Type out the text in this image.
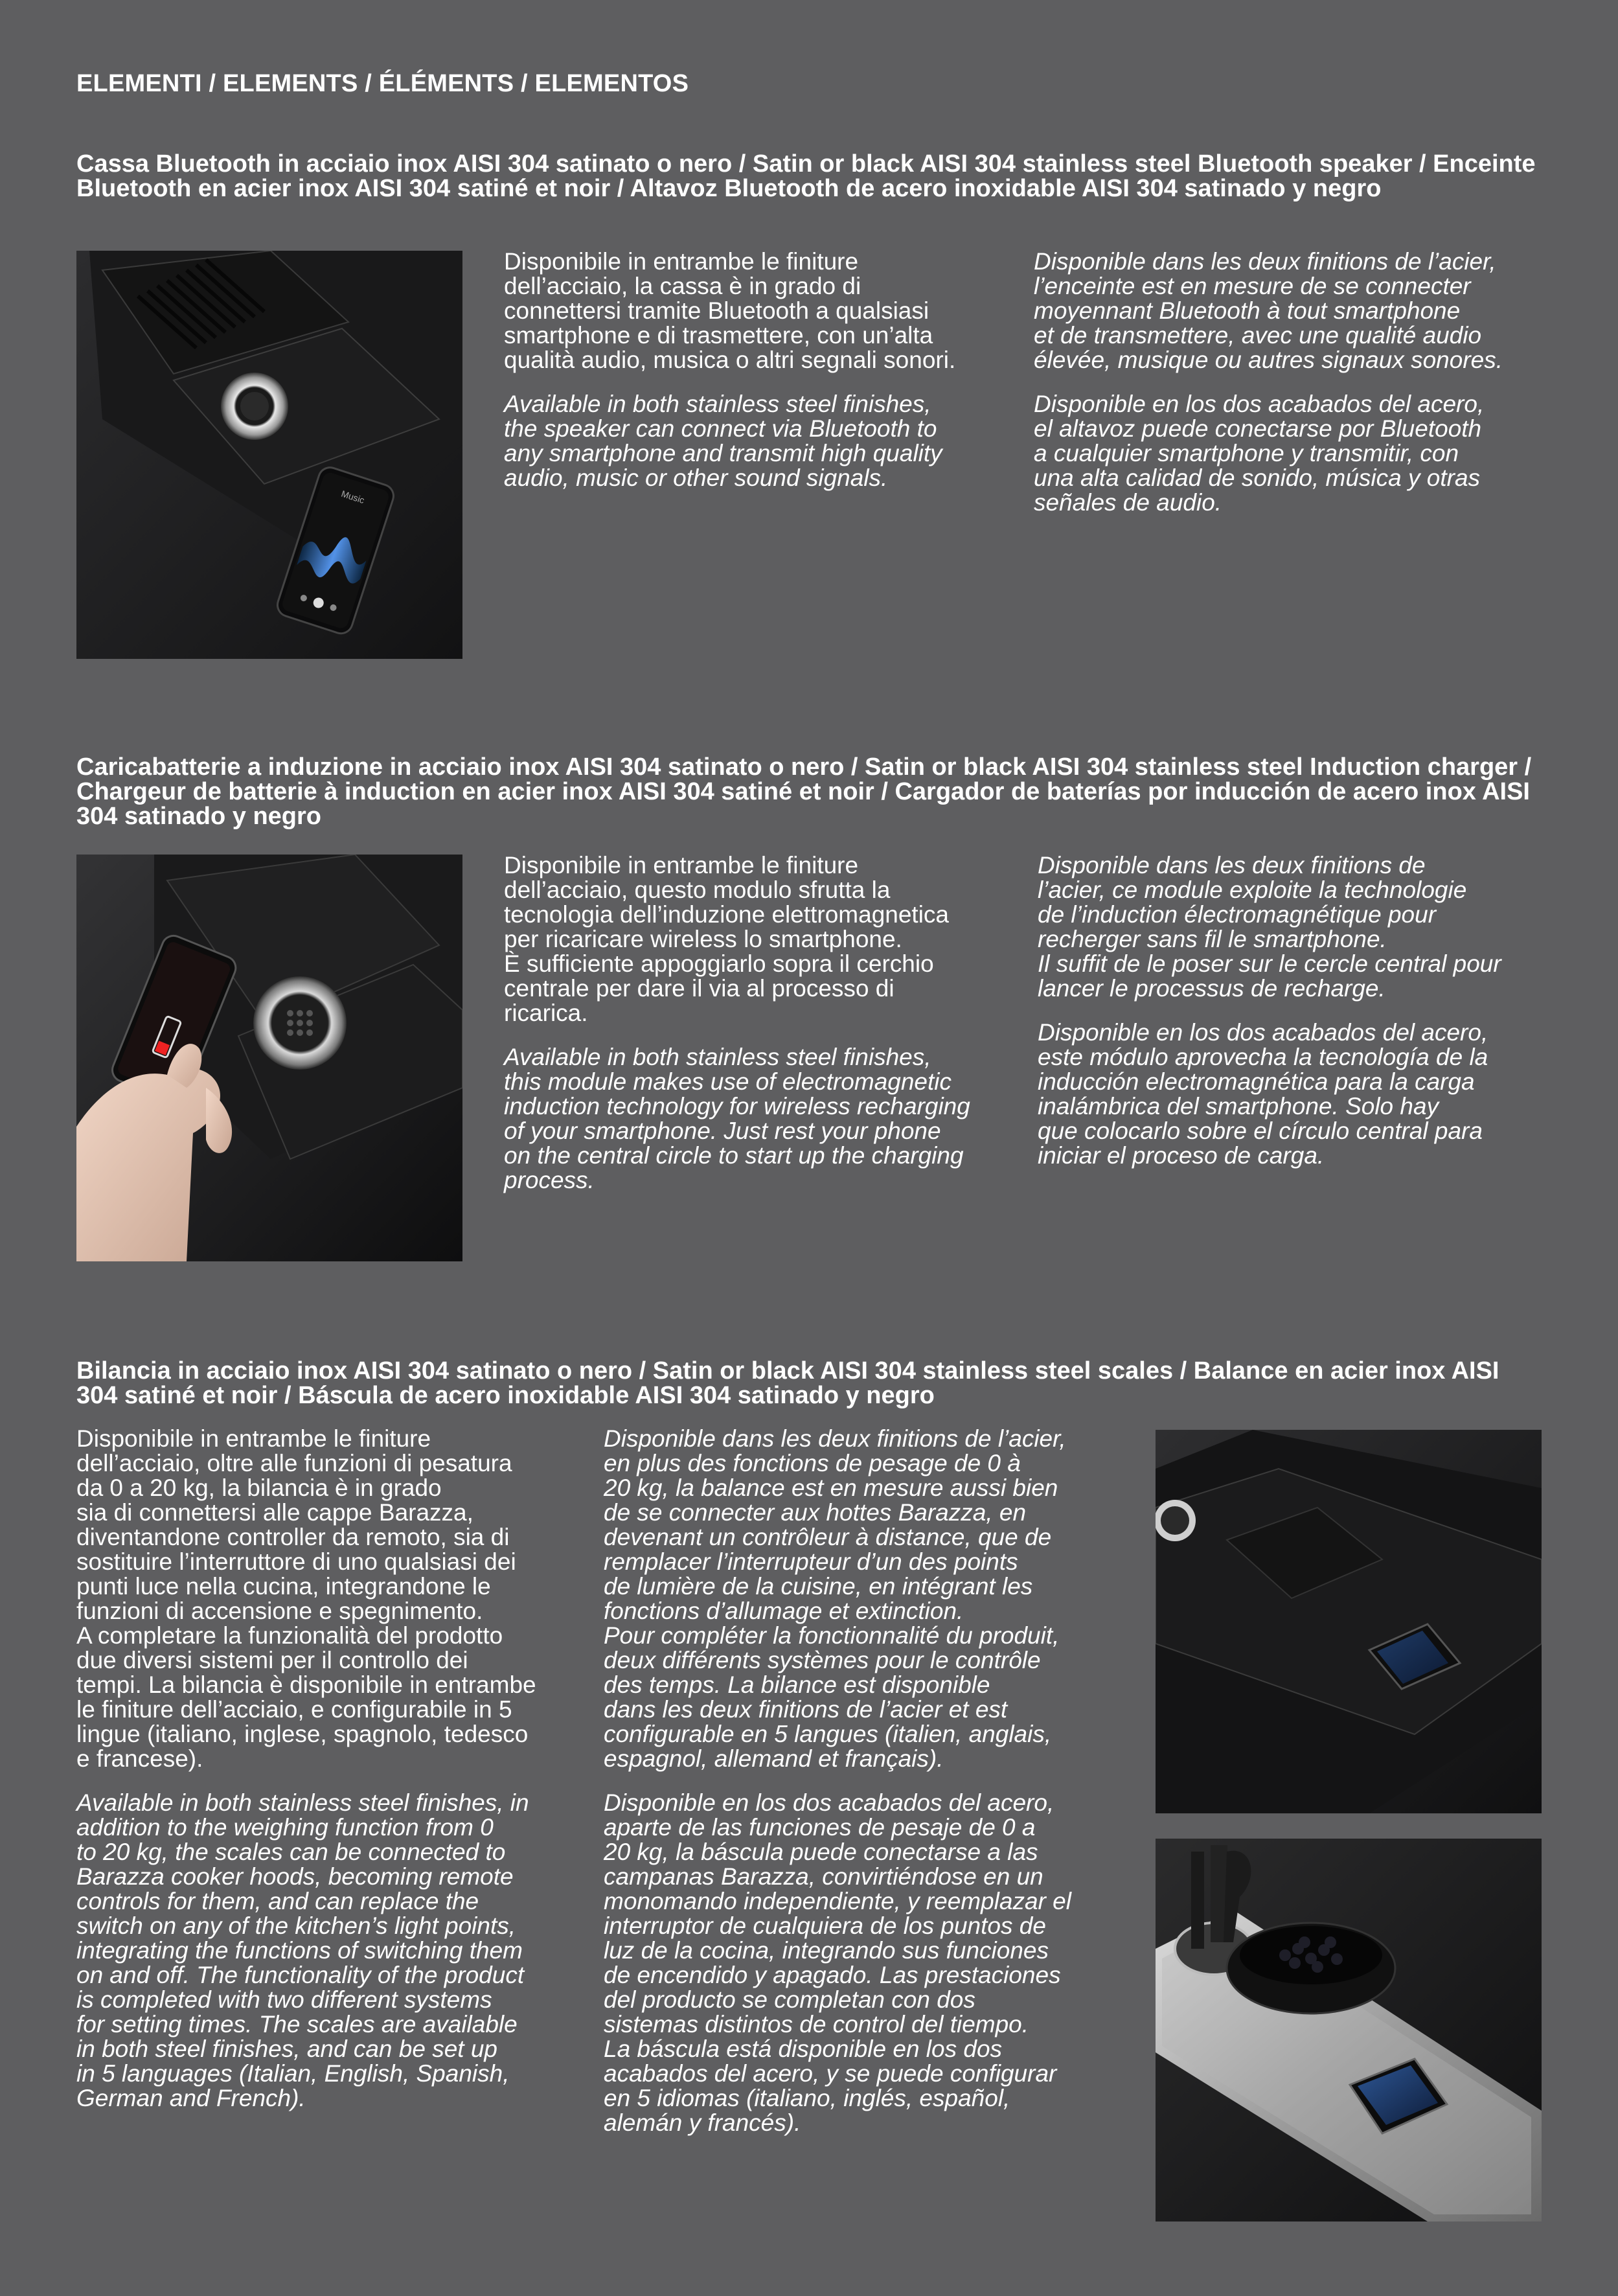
ELEMENTI / ELEMENTS / ÉLÉMENTS / ELEMENTOS
Cassa Bluetooth in acciaio inox AISI 304 satinato o nero / Satin or black AISI 304 stainless steel Bluetooth speaker / Enceinte Bluetooth en acier inox AISI 304 satiné et noir / Altavoz Bluetooth de acero inoxidable AISI 304 satinado y negro
Music

Disponibile in entrambe le finiture
dell’acciaio, la cassa è in grado di
connettersi tramite Bluetooth a qualsiasi
smartphone e di trasmettere, con un’alta
qualità audio, musica o altri segnali sonori.

Available in both stainless steel finishes,
the speaker can connect via Bluetooth to
any smartphone and transmit high quality
audio, music or other sound signals.

Disponible dans les deux finitions de l’acier,
l’enceinte est en mesure de se connecter
moyennant Bluetooth à tout smartphone
et de transmettere, avec une qualité audio
élevée, musique ou autres signaux sonores.

Disponible en los dos acabados del acero,
el altavoz puede conectarse por Bluetooth
a cualquier smartphone y transmitir, con
una alta calidad de sonido, música y otras
señales de audio.

Caricabatterie a induzione in acciaio inox AISI 304 satinato o nero / Satin or black AISI 304 stainless steel Induction charger / Chargeur de batterie à induction en acier inox AISI 304 satiné et noir / Cargador de baterías por inducción de acero inox AISI 304 satinado y negro

Disponibile in entrambe le finiture
dell’acciaio, questo modulo sfrutta la
tecnologia dell’induzione elettromagnetica
per ricaricare wireless lo smartphone.
È sufficiente appoggiarlo sopra il cerchio
centrale per dare il via al processo di
ricarica.

Available in both stainless steel finishes,
this module makes use of electromagnetic
induction technology for wireless recharging
of your smartphone. Just rest your phone
on the central circle to start up the charging
process.

Disponible dans les deux finitions de
l’acier, ce module exploite la technologie
de l’induction électromagnétique pour
recherger sans fil le smartphone.
Il suffit de le poser sur le cercle central pour
lancer le processus de recharge.

Disponible en los dos acabados del acero,
este módulo aprovecha la tecnología de la
inducción electromagnética para la carga
inalámbrica del smartphone. Solo hay
que colocarlo sobre el círculo central para
iniciar el proceso de carga.

Bilancia in acciaio inox AISI 304 satinato o nero / Satin or black AISI 304 stainless steel scales / Balance en acier inox AISI 304 satiné et noir / Báscula de acero inoxidable AISI 304 satinado y negro

Disponibile in entrambe le finiture
dell’acciaio, oltre alle funzioni di pesatura
da 0 a 20 kg, la bilancia è in grado
sia di connettersi alle cappe Barazza,
diventandone controller da remoto, sia di
sostituire l’interruttore di uno qualsiasi dei
punti luce nella cucina, integrandone le
funzioni di accensione e spegnimento.
A completare la funzionalità del prodotto
due diversi sistemi per il controllo dei
tempi. La bilancia è disponibile in entrambe
le finiture dell’acciaio, e configurabile in 5
lingue (italiano, inglese, spagnolo, tedesco
e francese).

Available in both stainless steel finishes, in
addition to the weighing function from 0
to 20 kg, the scales can be connected to
Barazza cooker hoods, becoming remote
controls for them, and can replace the
switch on any of the kitchen’s light points,
integrating the functions of switching them
on and off. The functionality of the product
is completed with two different systems
for setting times. The scales are available
in both steel finishes, and can be set up
in 5 languages (Italian, English, Spanish,
German and French).

Disponible dans les deux finitions de l’acier,
en plus des fonctions de pesage de 0 à
20 kg, la balance est en mesure aussi bien
de se connecter aux hottes Barazza, en
devenant un contrôleur à distance, que de
remplacer l’interrupteur d’un des points
de lumière de la cuisine, en intégrant les
fonctions d’allumage et extinction.
Pour compléter la fonctionnalité du produit,
deux différents systèmes pour le contrôle
des temps. La bilance est disponible
dans les deux finitions de l’acier et est
configurable en 5 langues (italien, anglais,
espagnol, allemand et français).

Disponible en los dos acabados del acero,
aparte de las funciones de pesaje de 0 a
20 kg, la báscula puede conectarse a las
campanas Barazza, convirtiéndose en un
monomando independiente, y reemplazar el
interruptor de cualquiera de los puntos de
luz de la cocina, integrando sus funciones
de encendido y apagado. Las prestaciones
del producto se completan con dos
sistemas distintos de control del tiempo.
La báscula está disponible en los dos
acabados del acero, y se puede configurar
en 5 idiomas (italiano, inglés, español,
alemán y francés).
